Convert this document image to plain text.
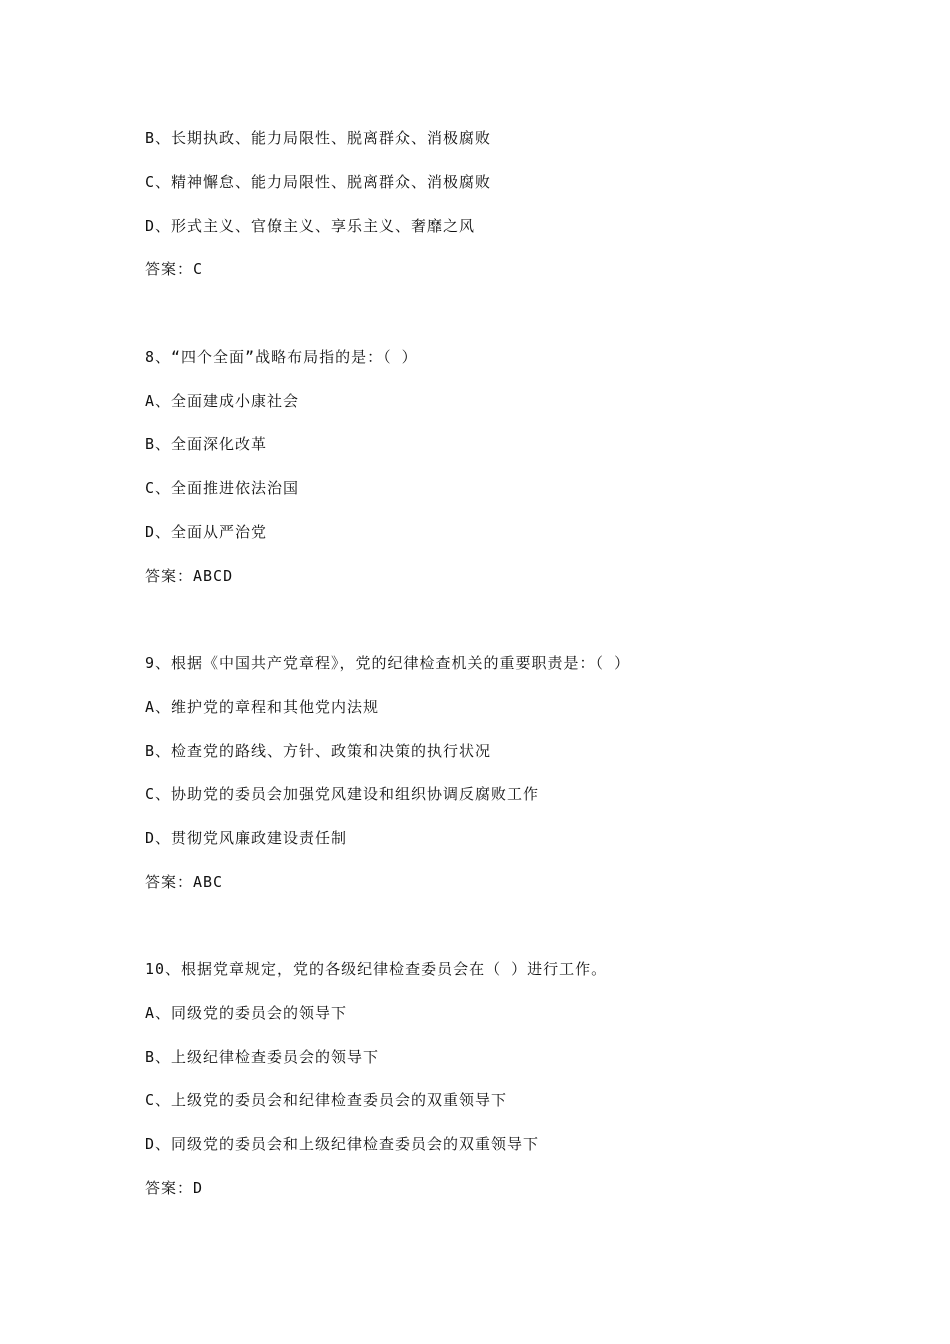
B、长期执政、能力局限性、脱离群众、消极腐败
C、精神懈怠、能力局限性、脱离群众、消极腐败
D、形式主义、官僚主义、享乐主义、奢靡之风
答案：C
8、“四个全面”战略布局指的是：（ ）
A、全面建成小康社会
B、全面深化改革
C、全面推进依法治国
D、全面从严治党
答案：ABCD
9、根据《中国共产党章程》，党的纪律检查机关的重要职责是：（ ）
A、维护党的章程和其他党内法规
B、检查党的路线、方针、政策和决策的执行状况
C、协助党的委员会加强党风建设和组织协调反腐败工作
D、贯彻党风廉政建设责任制
答案：ABC
10、根据党章规定，党的各级纪律检查委员会在（ ）进行工作。
A、同级党的委员会的领导下
B、上级纪律检查委员会的领导下
C、上级党的委员会和纪律检查委员会的双重领导下
D、同级党的委员会和上级纪律检查委员会的双重领导下
答案：D
